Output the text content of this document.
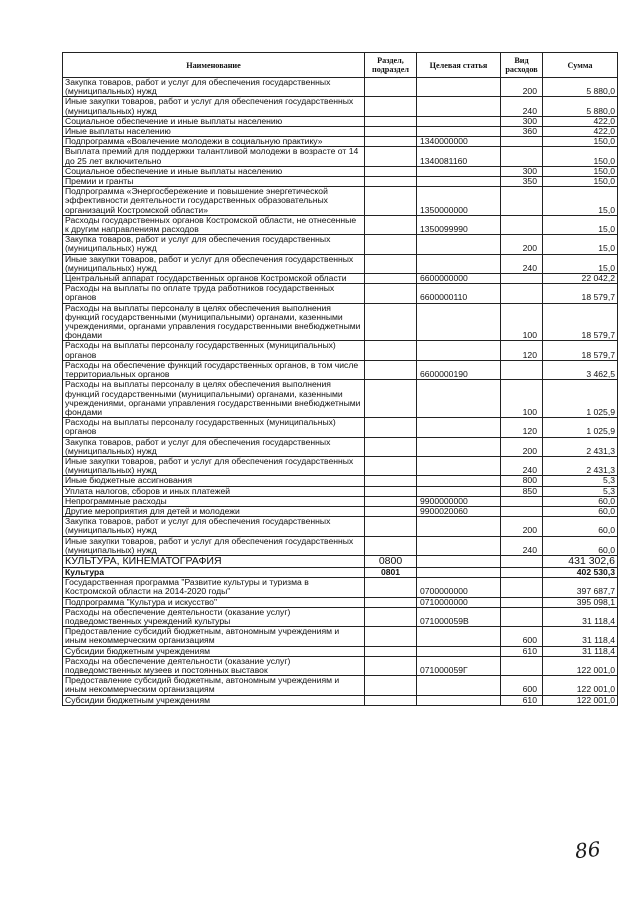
Наименование	Раздел, подраздел	Целевая статья	Вид расходов	Сумма
Закупка товаров, работ и услуг для обеспечения государственных (муниципальных) нужд			200	5 880,0
Иные закупки товаров, работ и услуг для обеспечения государственных (муниципальных) нужд			240	5 880,0
Социальное обеспечение и иные выплаты населению			300	422,0
Иные выплаты населению			360	422,0
Подпрограмма «Вовлечение молодежи в социальную практику»		1340000000		150,0
Выплата премий для поддержки талантливой молодежи в возрасте от 14 до 25 лет включительно		1340081160		150,0
Социальное обеспечение и иные выплаты населению			300	150,0
Премии и гранты			350	150,0
Подпрограмма «Энергосбережение и повышение энергетической эффективности деятельности государственных образовательных организаций Костромской области»		1350000000		15,0
Расходы государственных органов Костромской области, не отнесенные к другим направлениям расходов		1350099990		15,0
Закупка товаров, работ и услуг для обеспечения государственных (муниципальных) нужд			200	15,0
Иные закупки товаров, работ и услуг для обеспечения государственных (муниципальных) нужд			240	15,0
Центральный аппарат государственных органов Костромской области		6600000000		22 042,2
Расходы на выплаты по оплате труда работников государственных органов		6600000110		18 579,7
Расходы на выплаты персоналу в целях обеспечения выполнения функций государственными (муниципальными) органами, казенными учреждениями, органами управления государственными внебюджетными фондами			100	18 579,7
Расходы на выплаты персоналу государственных (муниципальных) органов			120	18 579,7
Расходы на обеспечение функций государственных органов, в том числе территориальных органов		6600000190		3 462,5
Расходы на выплаты персоналу в целях обеспечения выполнения функций государственными (муниципальными) органами, казенными учреждениями, органами управления государственными внебюджетными фондами			100	1 025,9
Расходы на выплаты персоналу государственных (муниципальных) органов			120	1 025,9
Закупка товаров, работ и услуг для обеспечения государственных (муниципальных) нужд			200	2 431,3
Иные закупки товаров, работ и услуг для обеспечения государственных (муниципальных) нужд			240	2 431,3
Иные бюджетные ассигнования			800	5,3
Уплата налогов, сборов и иных платежей			850	5,3
Непрограммные расходы		9900000000		60,0
Другие мероприятия для детей и молодежи		9900020060		60,0
Закупка товаров, работ и услуг для обеспечения государственных (муниципальных) нужд			200	60,0
Иные закупки товаров, работ и услуг для обеспечения государственных (муниципальных) нужд			240	60,0
КУЛЬТУРА, КИНЕМАТОГРАФИЯ	0800			431 302,6
Культура	0801			402 530,3
Государственная программа "Развитие культуры и туризма в Костромской области на 2014-2020 годы"		0700000000		397 687,7
Подпрограмма "Культура и искусство"		0710000000		395 098,1
Расходы на обеспечение деятельности (оказание услуг) подведомственных учреждений культуры		071000059В		31 118,4
Предоставление субсидий бюджетным, автономным учреждениям и иным некоммерческим организациям			600	31 118,4
Субсидии бюджетным учреждениям			610	31 118,4
Расходы на обеспечение деятельности (оказание услуг) подведомственных музеев и постоянных выставок		071000059Г		122 001,0
Предоставление субсидий бюджетным, автономным учреждениям и иным некоммерческим организациям			600	122 001,0
Субсидии бюджетным учреждениям			610	122 001,0
86
